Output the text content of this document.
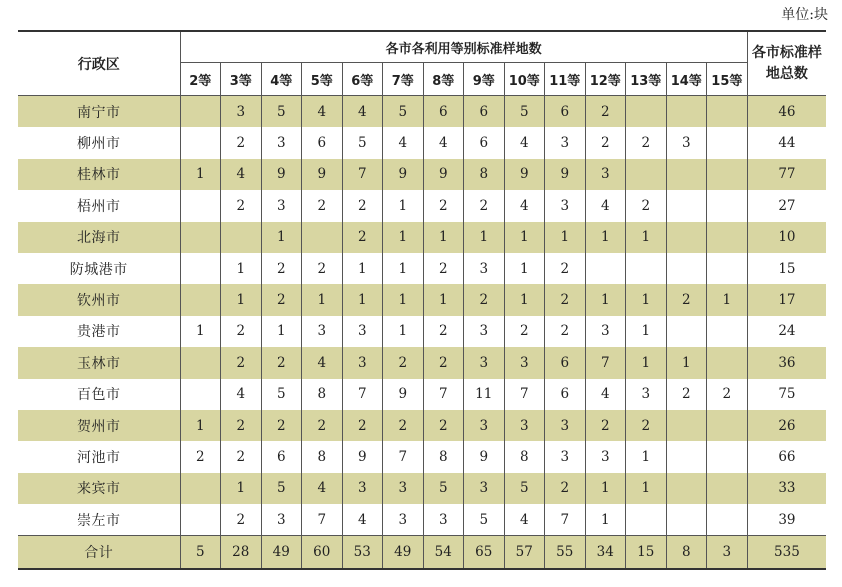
单位:块
行政区	各市各利用等别标准样地数														各市标准样地总数
	2等	3等	4等	5等	6等	7等	8等	9等	10等	11等	12等	13等	14等	15等	
南宁市		3	5	4	4	5	6	6	5	6	2				46
柳州市		2	3	6	5	4	4	6	4	3	2	2	3		44
桂林市	1	4	9	9	7	9	9	8	9	9	3				77
梧州市		2	3	2	2	1	2	2	4	3	4	2			27
北海市			1		2	1	1	1	1	1	1	1			10
防城港市		1	2	2	1	1	2	3	1	2					15
钦州市		1	2	1	1	1	1	2	1	2	1	1	2	1	17
贵港市	1	2	1	3	3	1	2	3	2	2	3	1			24
玉林市		2	2	4	3	2	2	3	3	6	7	1	1		36
百色市		4	5	8	7	9	7	11	7	6	4	3	2	2	75
贺州市	1	2	2	2	2	2	2	3	3	3	2	2			26
河池市	2	2	6	8	9	7	8	9	8	3	3	1			66
来宾市		1	5	4	3	3	5	3	5	2	1	1			33
崇左市		2	3	7	4	3	3	5	4	7	1				39
合计	5	28	49	60	53	49	54	65	57	55	34	15	8	3	535
